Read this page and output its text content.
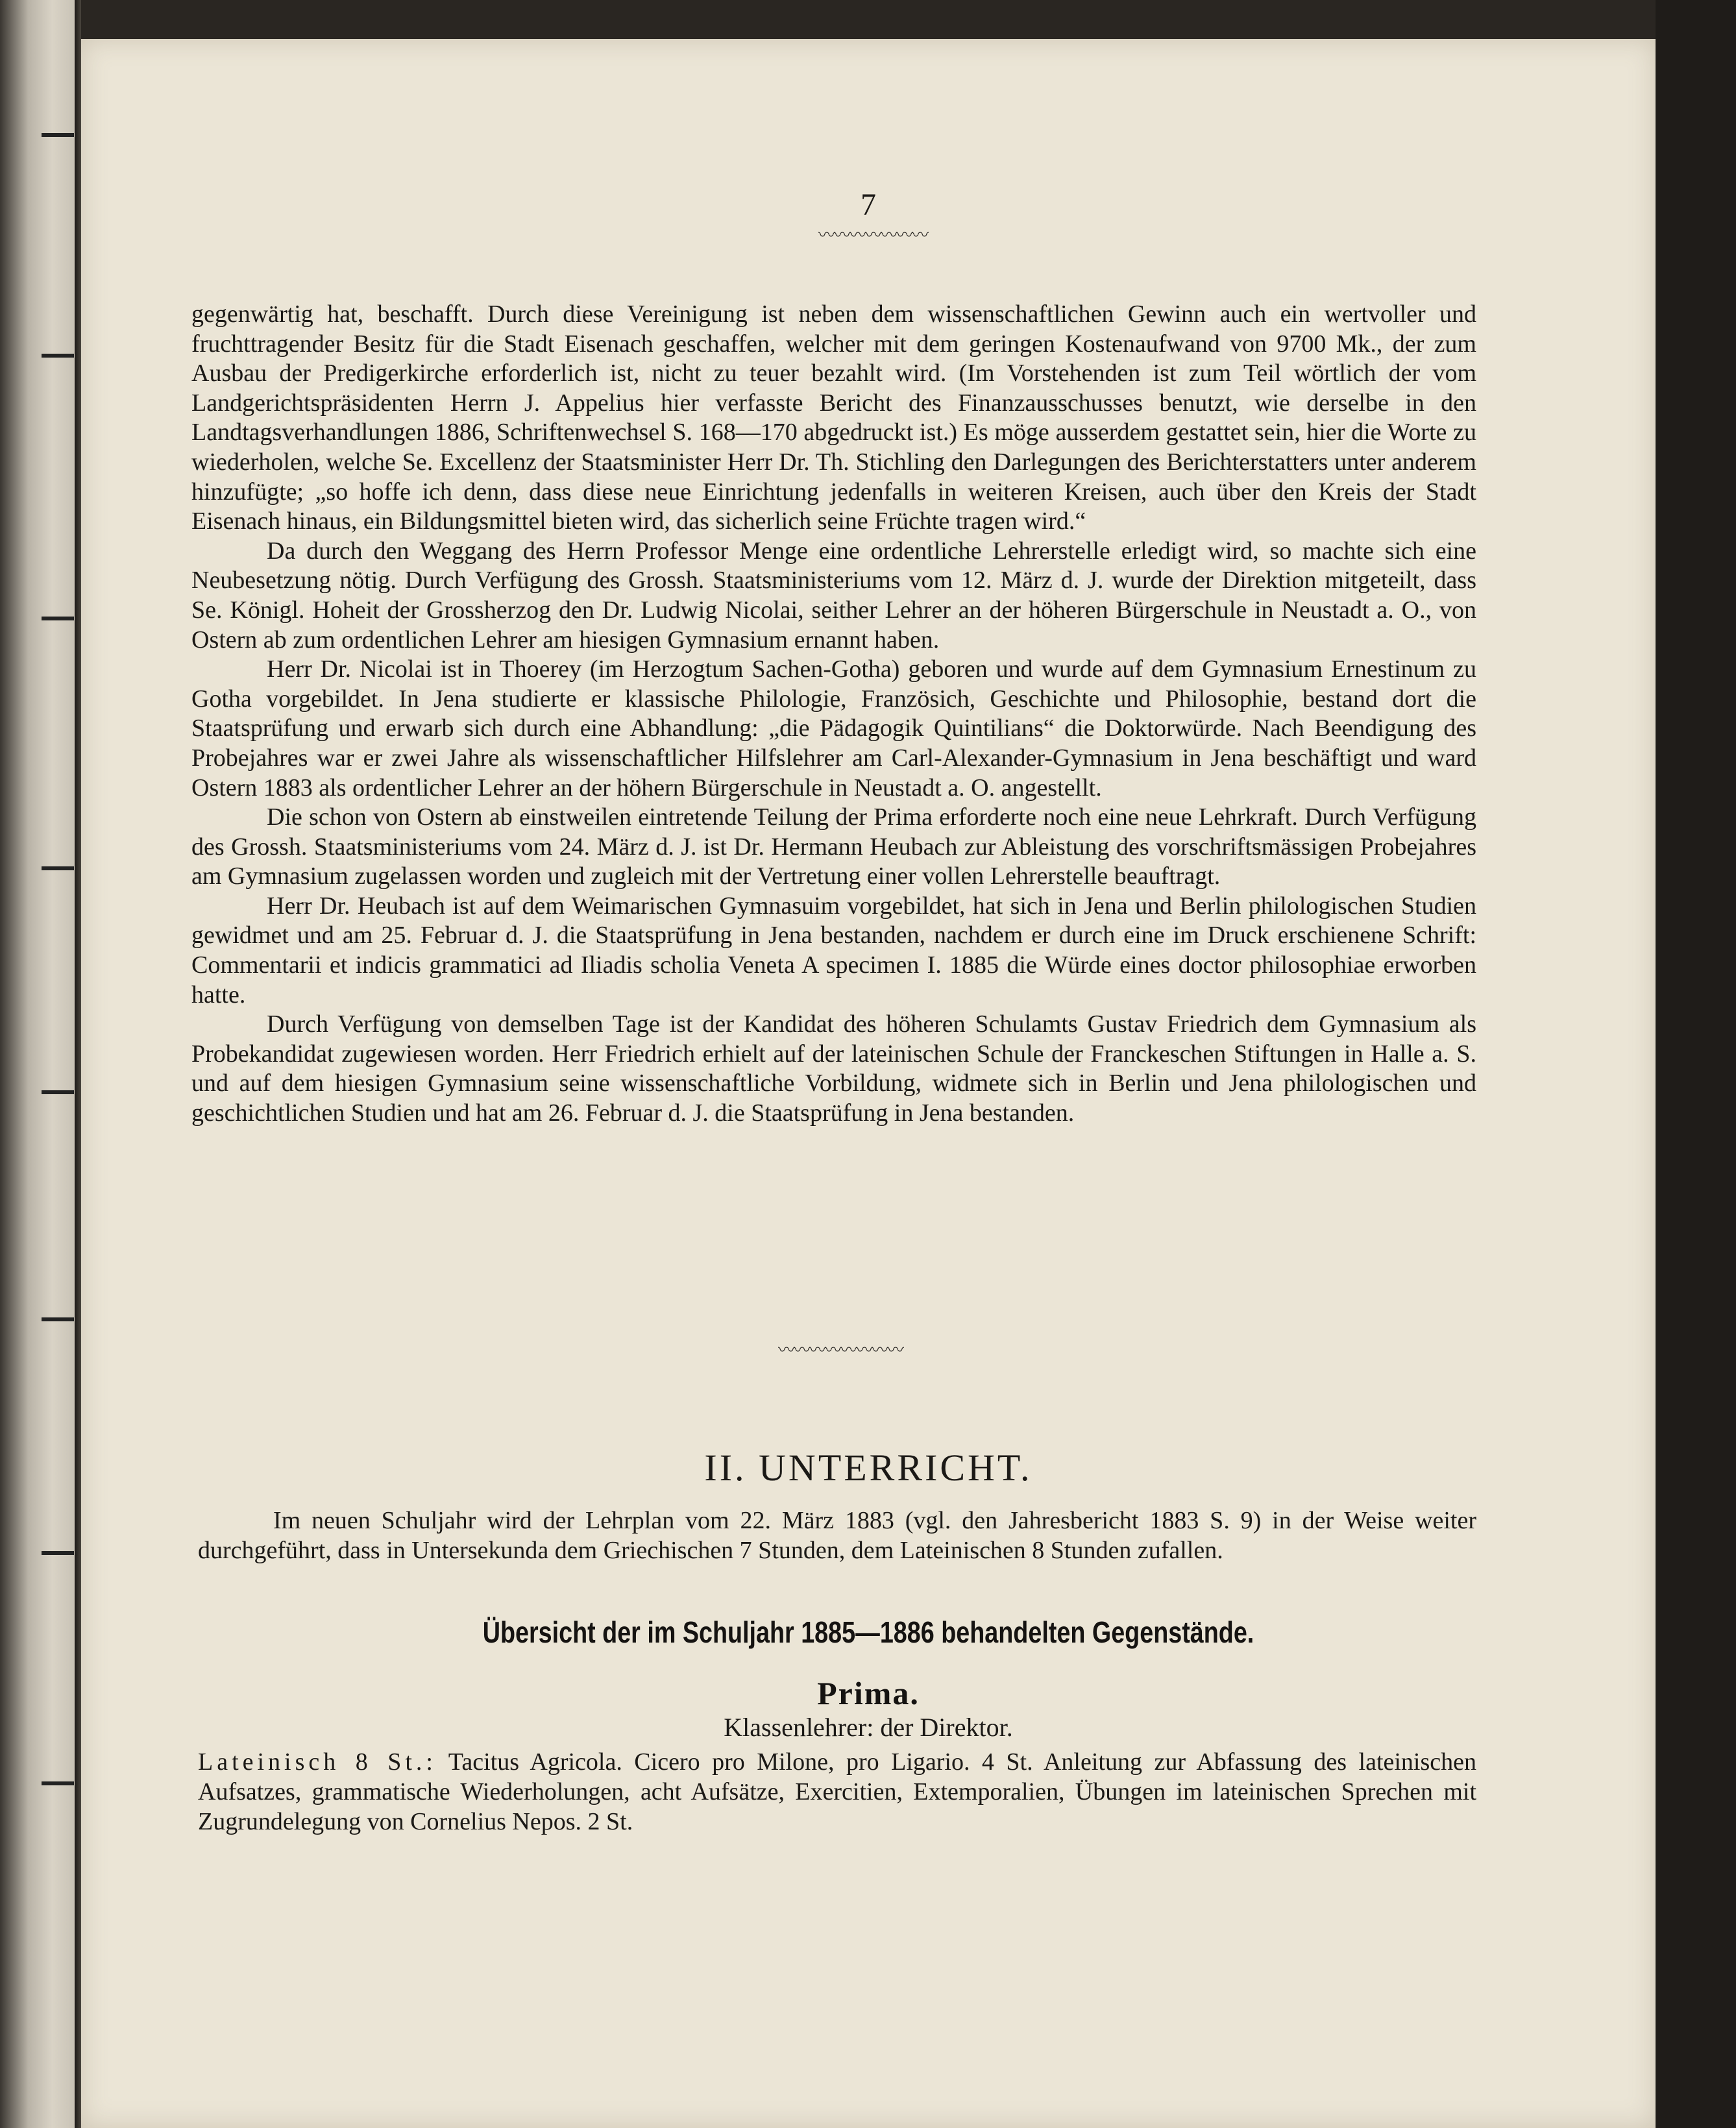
7
〰〰〰〰〰〰〰

gegenwärtig hat, beschafft. Durch diese Vereinigung ist neben dem wissenschaftlichen Gewinn auch ein wertvoller und fruchttragender Besitz für die Stadt Eisenach geschaffen, welcher mit dem geringen Kostenaufwand von 9700 Mk., der zum Ausbau der Predigerkirche erforderlich ist, nicht zu teuer bezahlt wird. (Im Vorstehenden ist zum Teil wörtlich der vom Landgerichtspräsidenten Herrn J. Appelius hier verfasste Bericht des Finanzausschusses benutzt, wie derselbe in den Landtagsverhandlungen 1886, Schriftenwechsel S. 168—170 abgedruckt ist.) Es möge ausserdem gestattet sein, hier die Worte zu wiederholen, welche Se. Excellenz der Staatsminister Herr Dr. Th. Stichling den Darlegungen des Berichterstatters unter anderem hinzufügte; „so hoffe ich denn, dass diese neue Einrichtung jedenfalls in weiteren Kreisen, auch über den Kreis der Stadt Eisenach hinaus, ein Bildungsmittel bieten wird, das sicherlich seine Früchte tragen wird.“

Da durch den Weggang des Herrn Professor Menge eine ordentliche Lehrerstelle erledigt wird, so machte sich eine Neubesetzung nötig. Durch Verfügung des Grossh. Staatsministeriums vom 12. März d. J. wurde der Direktion mitgeteilt, dass Se. Königl. Hoheit der Grossherzog den Dr. Ludwig Nicolai, seither Lehrer an der höheren Bürgerschule in Neustadt a. O., von Ostern ab zum ordentlichen Lehrer am hiesigen Gymnasium ernannt haben.

Herr Dr. Nicolai ist in Thoerey (im Herzogtum Sachen-Gotha) geboren und wurde auf dem Gymnasium Ernestinum zu Gotha vorgebildet. In Jena studierte er klassische Philologie, Französich, Geschichte und Philosophie, bestand dort die Staatsprüfung und erwarb sich durch eine Abhandlung: „die Pädagogik Quintilians“ die Doktorwürde. Nach Beendigung des Probejahres war er zwei Jahre als wissenschaftlicher Hilfslehrer am Carl-Alexander-Gymnasium in Jena beschäftigt und ward Ostern 1883 als ordentlicher Lehrer an der höhern Bürgerschule in Neustadt a. O. angestellt.

Die schon von Ostern ab einstweilen eintretende Teilung der Prima erforderte noch eine neue Lehrkraft. Durch Verfügung des Grossh. Staatsministeriums vom 24. März d. J. ist Dr. Hermann Heubach zur Ableistung des vorschriftsmässigen Probejahres am Gymnasium zugelassen worden und zugleich mit der Vertretung einer vollen Lehrerstelle beauftragt.

Herr Dr. Heubach ist auf dem Weimarischen Gymnasuim vorgebildet, hat sich in Jena und Berlin philologischen Studien gewidmet und am 25. Februar d. J. die Staatsprüfung in Jena bestanden, nachdem er durch eine im Druck erschienene Schrift: Commentarii et indicis grammatici ad Iliadis scholia Veneta A specimen I. 1885 die Würde eines doctor philosophiae erworben hatte.

Durch Verfügung von demselben Tage ist der Kandidat des höheren Schulamts Gustav Friedrich dem Gymnasium als Probekandidat zugewiesen worden. Herr Friedrich erhielt auf der lateinischen Schule der Franckeschen Stiftungen in Halle a. S. und auf dem hiesigen Gymnasium seine wissenschaftliche Vorbildung, widmete sich in Berlin und Jena philologischen und geschichtlichen Studien und hat am 26. Februar d. J. die Staatsprüfung in Jena bestanden.

〰〰〰〰〰〰〰〰
II. UNTERRICHT.

Im neuen Schuljahr wird der Lehrplan vom 22. März 1883 (vgl. den Jahresbericht 1883 S. 9) in der Weise weiter durchgeführt, dass in Untersekunda dem Griechischen 7 Stunden, dem Lateinischen 8 Stunden zufallen.

Übersicht der im Schuljahr 1885—1886 behandelten Gegenstände.
Prima.
Klassenlehrer: der Direktor.

Lateinisch 8 St.: Tacitus Agricola. Cicero pro Milone, pro Ligario. 4 St. Anleitung zur Abfassung des lateinischen Aufsatzes, grammatische Wiederholungen, acht Aufsätze, Exercitien, Extemporalien, Übungen im lateinischen Sprechen mit Zugrundelegung von Cornelius Nepos. 2 St.
